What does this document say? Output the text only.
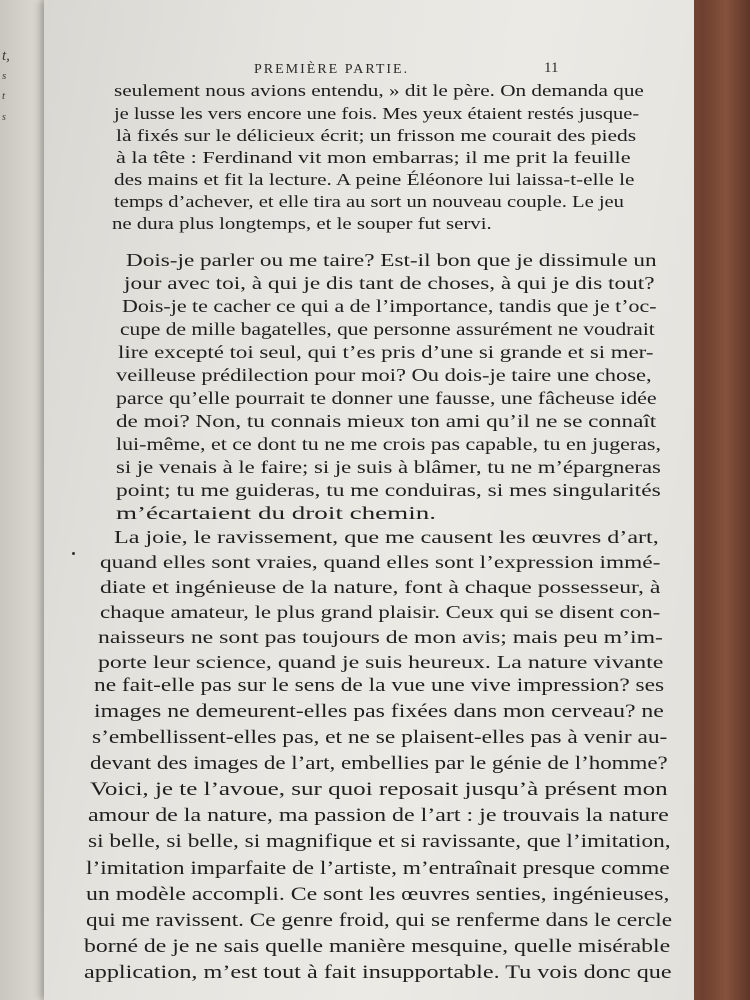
t,
s
t
s
PREMIÈRE PARTIE.	11
seulement nous avions entendu, » dit le père. On demanda que
je lusse les vers encore une fois. Mes yeux étaient restés jusque-
là fixés sur le délicieux écrit; un frisson me courait des pieds
à la tête : Ferdinand vit mon embarras; il me prit la feuille
des mains et fit la lecture. A peine Éléonore lui laissa-t-elle le
temps d’achever, et elle tira au sort un nouveau couple. Le jeu
ne dura plus longtemps, et le souper fut servi.
Dois-je parler ou me taire? Est-il bon que je dissimule un
jour avec toi, à qui je dis tant de choses, à qui je dis tout?
Dois-je te cacher ce qui a de l’importance, tandis que je t’oc-
cupe de mille bagatelles, que personne assurément ne voudrait
lire excepté toi seul, qui t’es pris d’une si grande et si mer-
veilleuse prédilection pour moi? Ou dois-je taire une chose,
parce qu’elle pourrait te donner une fausse, une fâcheuse idée
de moi? Non, tu connais mieux ton ami qu’il ne se connaît
lui-même, et ce dont tu ne me crois pas capable, tu en jugeras,
si je venais à le faire; si je suis à blâmer, tu ne m’épargneras
point; tu me guideras, tu me conduiras, si mes singularités
m’écartaient du droit chemin.
La joie, le ravissement, que me causent les œuvres d’art,
quand elles sont vraies, quand elles sont l’expression immé-
diate et ingénieuse de la nature, font à chaque possesseur, à
chaque amateur, le plus grand plaisir. Ceux qui se disent con-
naisseurs ne sont pas toujours de mon avis; mais peu m’im-
porte leur science, quand je suis heureux. La nature vivante
ne fait-elle pas sur le sens de la vue une vive impression? ses
images ne demeurent-elles pas fixées dans mon cerveau? ne
s’embellissent-elles pas, et ne se plaisent-elles pas à venir au-
devant des images de l’art, embellies par le génie de l’homme?
Voici, je te l’avoue, sur quoi reposait jusqu’à présent mon
amour de la nature, ma passion de l’art : je trouvais la nature
si belle, si belle, si magnifique et si ravissante, que l’imitation,
l’imitation imparfaite de l’artiste, m’entraînait presque comme
un modèle accompli. Ce sont les œuvres senties, ingénieuses,
qui me ravissent. Ce genre froid, qui se renferme dans le cercle
borné de je ne sais quelle manière mesquine, quelle misérable
application, m’est tout à fait insupportable. Tu vois donc que
